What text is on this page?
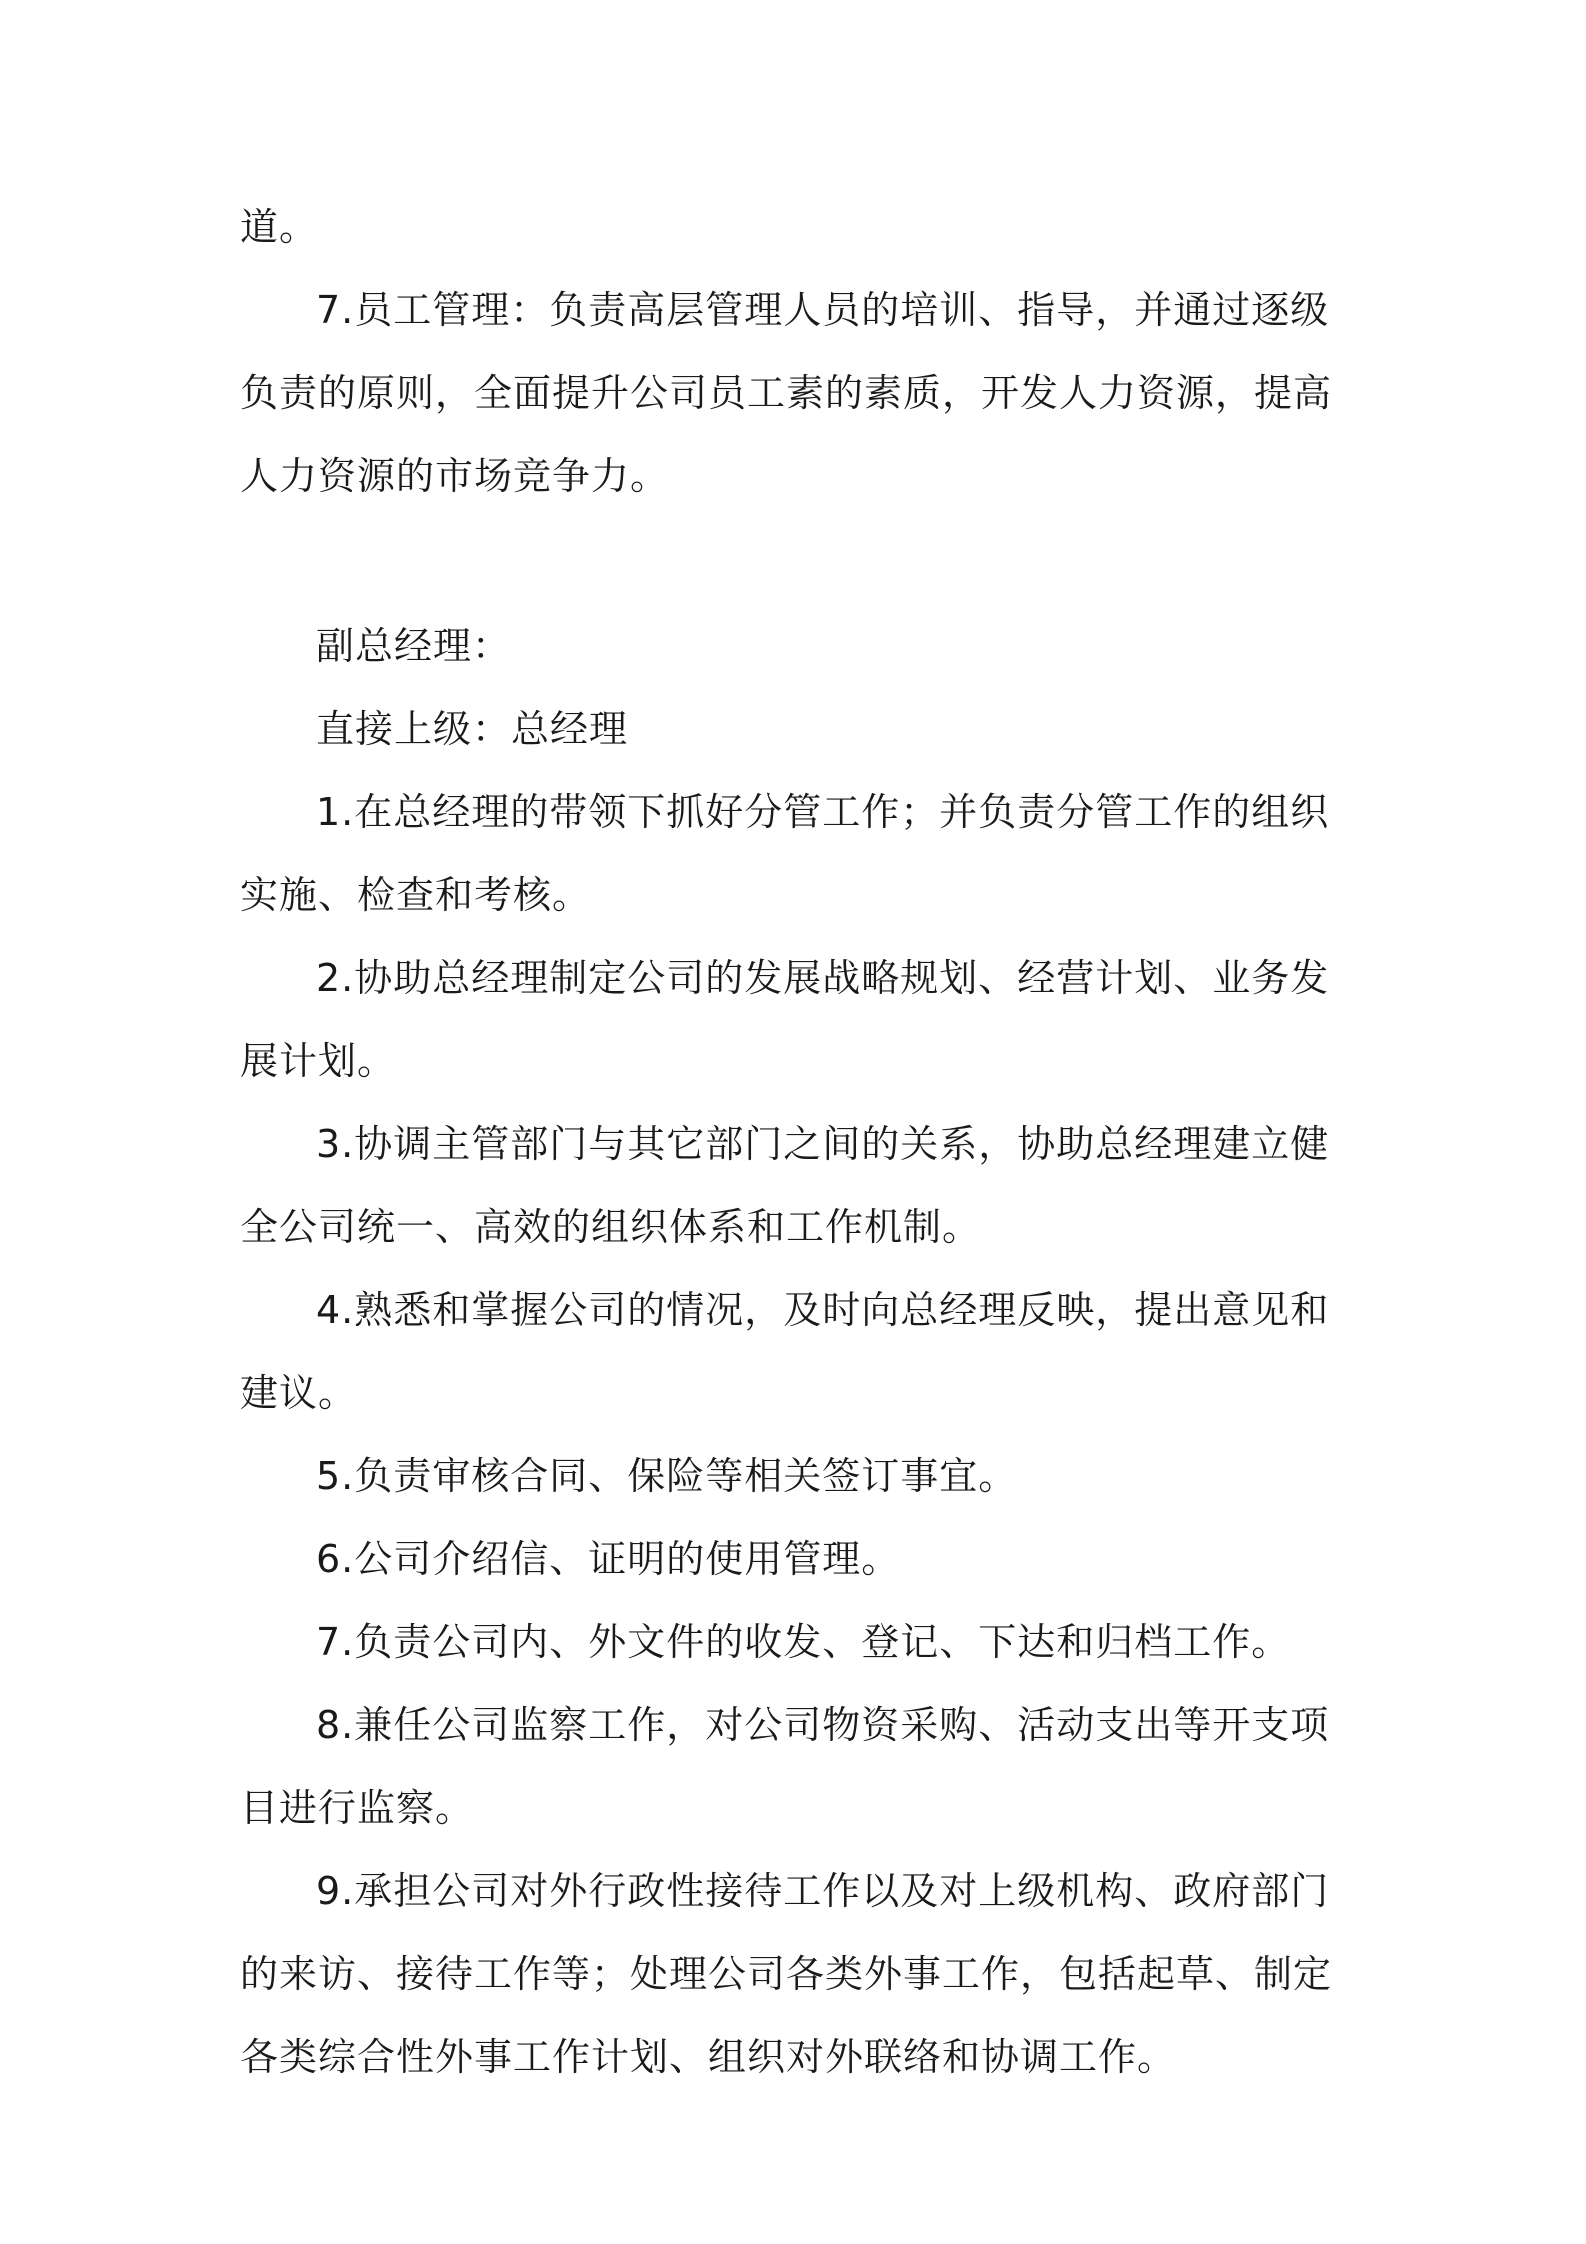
道。

7.员工管理：负责高层管理人员的培训、指导，并通过逐级负责的原则，全面提升公司员工素的素质，开发人力资源，提高人力资源的市场竞争力。

副总经理：

直接上级：总经理

1.在总经理的带领下抓好分管工作；并负责分管工作的组织实施、检查和考核。

2.协助总经理制定公司的发展战略规划、经营计划、业务发展计划。

3.协调主管部门与其它部门之间的关系，协助总经理建立健全公司统一、高效的组织体系和工作机制。

4.熟悉和掌握公司的情况，及时向总经理反映，提出意见和建议。

5.负责审核合同、保险等相关签订事宜。

6.公司介绍信、证明的使用管理。

7.负责公司内、外文件的收发、登记、下达和归档工作。

8.兼任公司监察工作，对公司物资采购、活动支出等开支项目进行监察。

9.承担公司对外行政性接待工作以及对上级机构、政府部门的来访、接待工作等；处理公司各类外事工作，包括起草、制定各类综合性外事工作计划、组织对外联络和协调工作。
